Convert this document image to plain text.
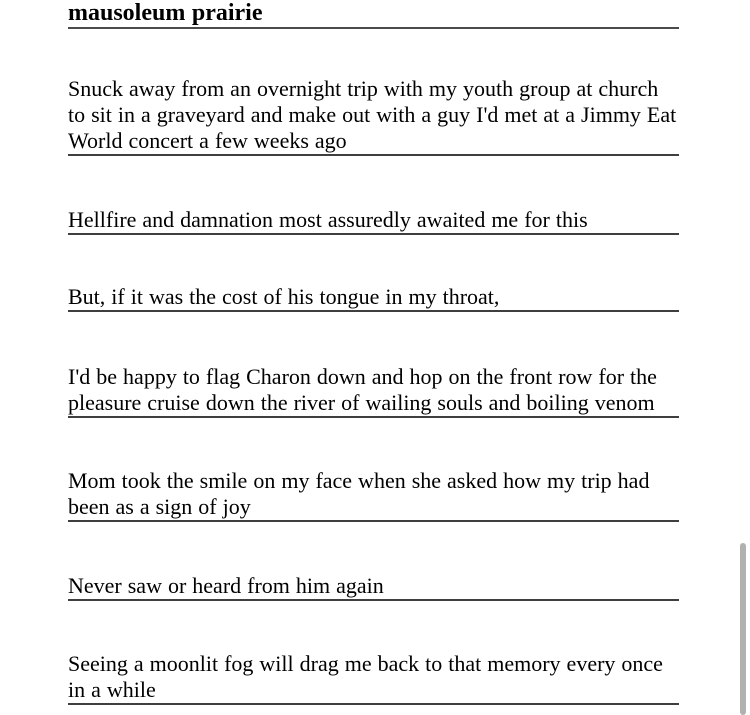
mausoleum prairie
Snuck away from an overnight trip with my youth group at church to sit in a graveyard and make out with a guy I'd met at a Jimmy Eat World concert a few weeks ago
Hellfire and damnation most assuredly awaited me for this
But, if it was the cost of his tongue in my throat,
I'd be happy to flag Charon down and hop on the front row for the pleasure cruise down the river of wailing souls and boiling venom
Mom took the smile on my face when she asked how my trip had been as a sign of joy
Never saw or heard from him again
Seeing a moonlit fog will drag me back to that memory every once in a while
